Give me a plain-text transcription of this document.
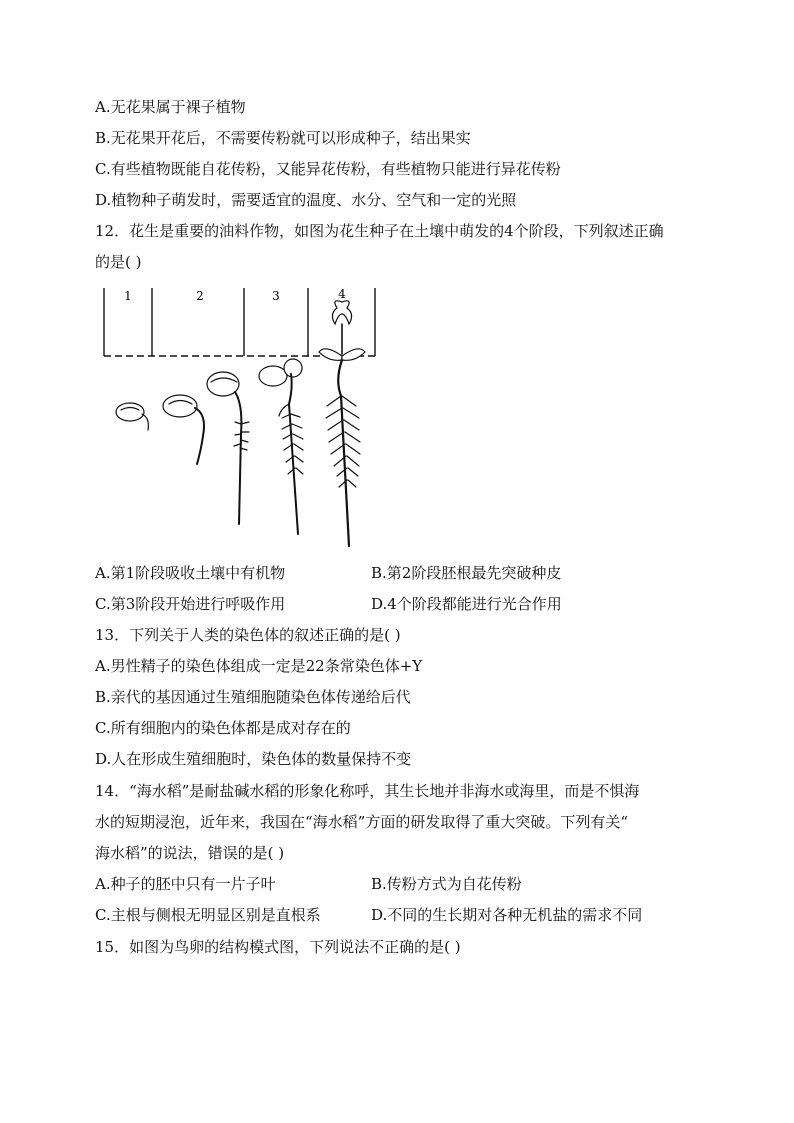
A.无花果属于裸子植物
B.无花果开花后，不需要传粉就可以形成种子，结出果实
C.有些植物既能自花传粉，又能异花传粉，有些植物只能进行异花传粉
D.植物种子萌发时，需要适宜的温度、水分、空气和一定的光照
12．花生是重要的油料作物，如图为花生种子在土壤中萌发的4个阶段，下列叙述正确
的是( )
1	2	3	4
A.第1阶段吸收土壤中有机物	B.第2阶段胚根最先突破种皮
C.第3阶段开始进行呼吸作用	D.4个阶段都能进行光合作用
13．下列关于人类的染色体的叙述正确的是( )
A.男性精子的染色体组成一定是22条常染色体+Y
B.亲代的基因通过生殖细胞随染色体传递给后代
C.所有细胞内的染色体都是成对存在的
D.人在形成生殖细胞时，染色体的数量保持不变
14．“海水稻”是耐盐碱水稻的形象化称呼，其生长地并非海水或海里，而是不惧海
水的短期浸泡，近年来，我国在“海水稻”方面的研发取得了重大突破。下列有关“
海水稻”的说法，错误的是( )
A.种子的胚中只有一片子叶	B.传粉方式为自花传粉
C.主根与侧根无明显区别是直根系	D.不同的生长期对各种无机盐的需求不同
15．如图为鸟卵的结构模式图，下列说法不正确的是( )
